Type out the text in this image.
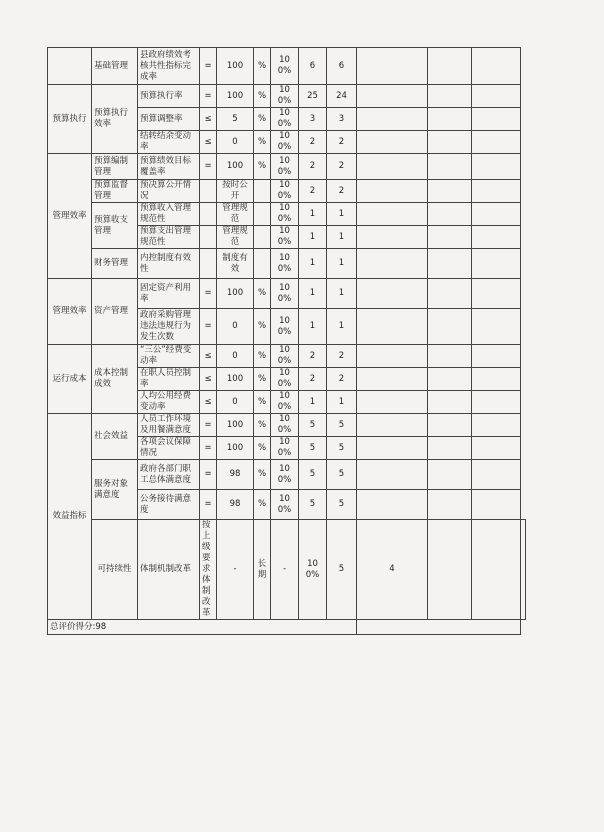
	基础管理	县政府绩效考核共性指标完成率	=	100	%	100%	6	6				
预算执行	预算执行效率	预算执行率	=	100	%	100%	25	24				
		预算调整率	≤	5	%	100%	3	3				
		结转结余变动率	≤	0	%	100%	2	2				
管理效率	预算编制管理	预算绩效目标覆盖率	=	100	%	100%	2	2				
	预算监督管理	预决算公开情况		按时公开		100%	2	2				
	预算收支管理	预算收入管理规范性		管理规范		100%	1	1				
		预算支出管理规范性		管理规范		100%	1	1				
	财务管理	内控制度有效性		制度有效		100%	1	1				
管理效率	资产管理	固定资产利用率	=	100	%	100%	1	1				
		政府采购管理违法违规行为发生次数	=	0	%	100%	1	1				
运行成本	成本控制成效	“三公”经费变动率	≤	0	%	100%	2	2				
		在职人员控制率	≤	100	%	100%	2	2				
		人均公用经费变动率	≤	0	%	100%	1	1				
效益指标	社会效益	人员工作环境及用餐满意度	=	100	%	100%	5	5				
		各项会议保障情况	=	100	%	100%	5	5				
	服务对象满意度	政府各部门职工总体满意度	=	98	%	100%	5	5				
		公务接待满意度	=	98	%	100%	5	5				
	可持续性	体制机制改革	按上级要求体制改革	-	长期	-	100%	5	4			
总评价得分:98												
